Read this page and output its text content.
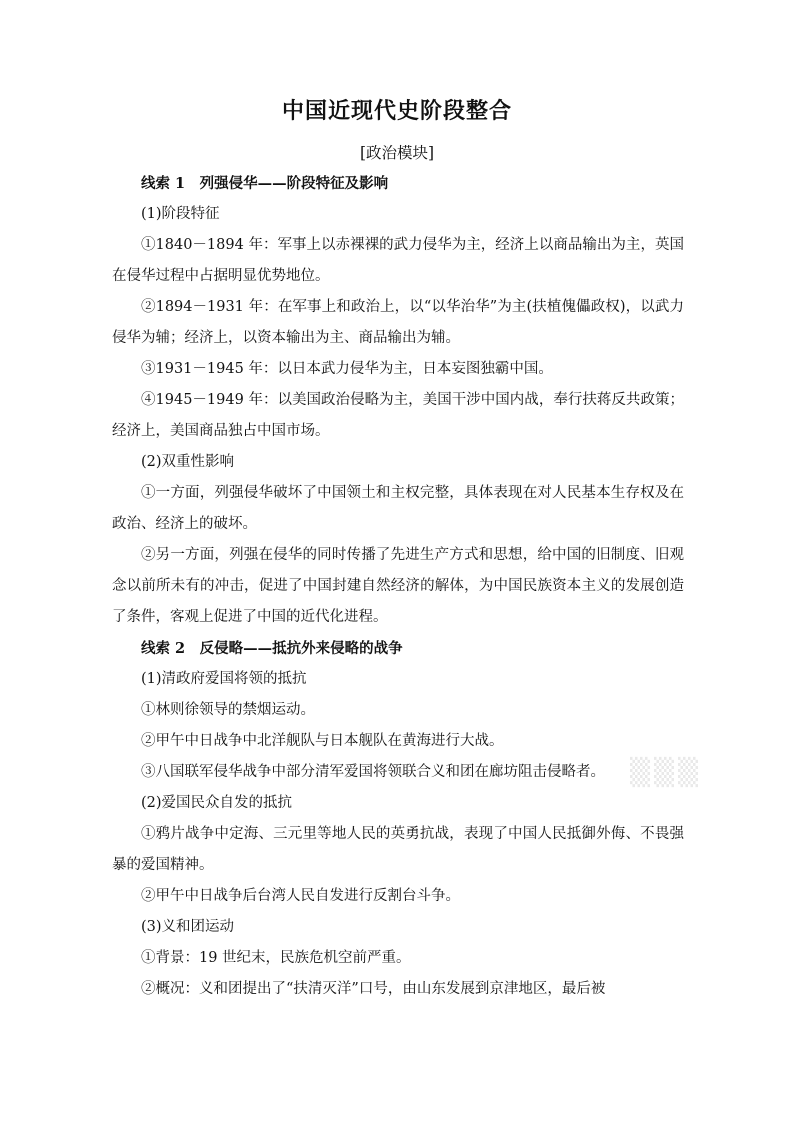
中国近现代史阶段整合
[政治模块]

线索 1　列强侵华——阶段特征及影响

(1)阶段特征

①1840－1894 年：军事上以赤裸裸的武力侵华为主，经济上以商品输出为主，英国在侵华过程中占据明显优势地位。

②1894－1931 年：在军事上和政治上，以“以华治华”为主(扶植傀儡政权)，以武力侵华为辅；经济上，以资本输出为主、商品输出为辅。

③1931－1945 年：以日本武力侵华为主，日本妄图独霸中国。

④1945－1949 年：以美国政治侵略为主，美国干涉中国内战，奉行扶蒋反共政策；经济上，美国商品独占中国市场。

(2)双重性影响

①一方面，列强侵华破坏了中国领土和主权完整，具体表现在对人民基本生存权及在政治、经济上的破坏。

②另一方面，列强在侵华的同时传播了先进生产方式和思想，给中国的旧制度、旧观念以前所未有的冲击，促进了中国封建自然经济的解体，为中国民族资本主义的发展创造了条件，客观上促进了中国的近代化进程。

线索 2　反侵略——抵抗外来侵略的战争

(1)清政府爱国将领的抵抗

①林则徐领导的禁烟运动。

②甲午中日战争中北洋舰队与日本舰队在黄海进行大战。

③八国联军侵华战争中部分清军爱国将领联合义和团在廊坊阻击侵略者。

(2)爱国民众自发的抵抗

①鸦片战争中定海、三元里等地人民的英勇抗战，表现了中国人民抵御外侮、不畏强暴的爱国精神。

②甲午中日战争后台湾人民自发进行反割台斗争。

(3)义和团运动

①背景：19 世纪末，民族危机空前严重。

②概况：义和团提出了“扶清灭洋”口号，由山东发展到京津地区，最后被

▒▒▒
